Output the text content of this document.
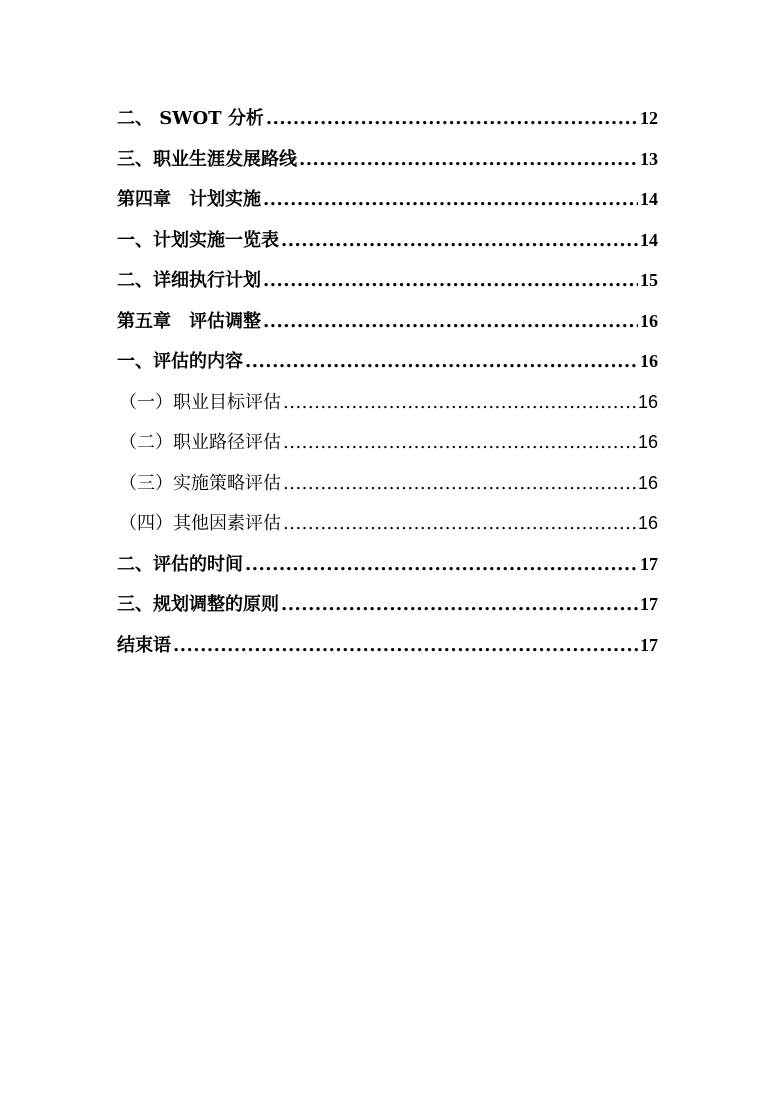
二、 SWOT 分析 .....	12
三、职业生涯发展路线 .....	13
第四章　计划实施 .....	14
一、计划实施一览表 .....	14
二、详细执行计划 .....	15
第五章　评估调整 .....	16
一、评估的内容 .....	16
（一）职业目标评估 .....	16
（二）职业路径评估 .....	16
（三）实施策略评估 .....	16
（四）其他因素评估 .....	16
二、评估的时间 .....	17
三、规划调整的原则 .....	17
结束语 .....	17
